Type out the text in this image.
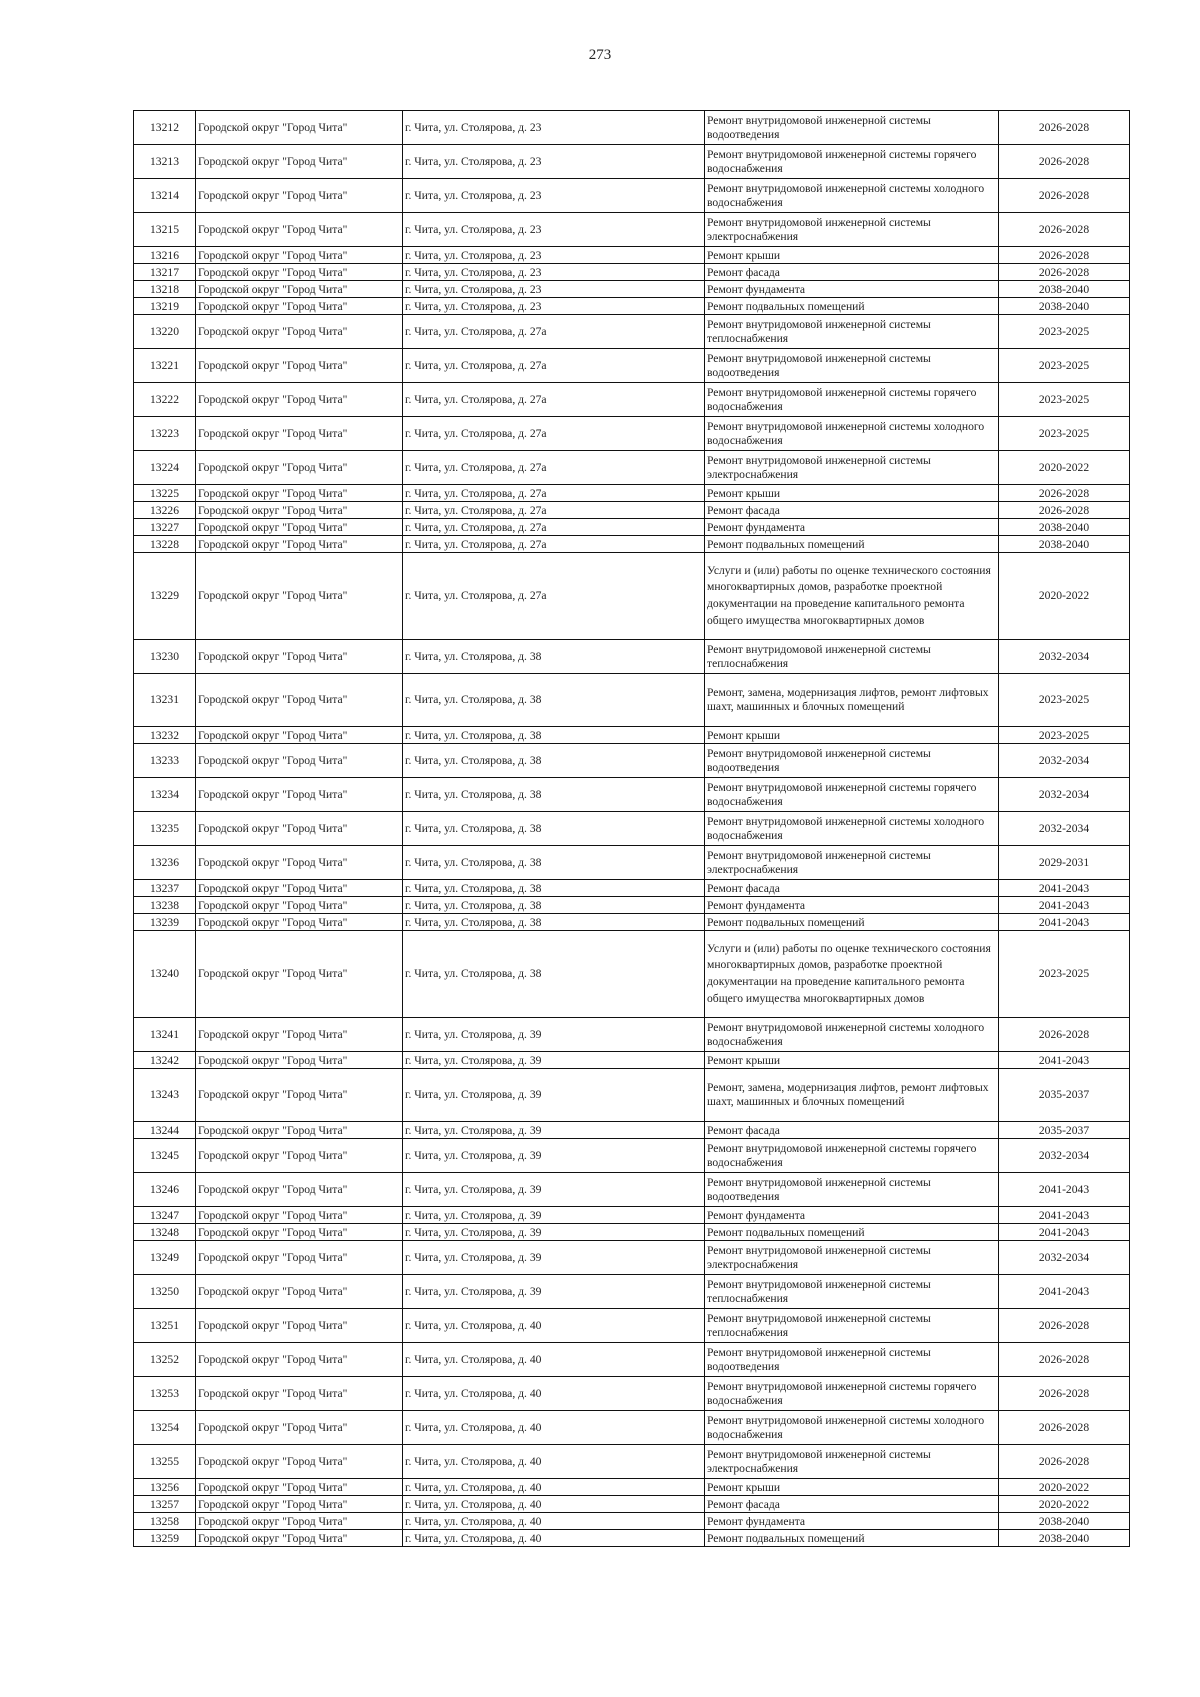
273
13212	Городской округ "Город Чита"	г. Чита, ул. Столярова, д. 23	Ремонт внутридомовой инженерной системы водоотведения	2026-2028
13213	Городской округ "Город Чита"	г. Чита, ул. Столярова, д. 23	Ремонт внутридомовой инженерной системы горячего водоснабжения	2026-2028
13214	Городской округ "Город Чита"	г. Чита, ул. Столярова, д. 23	Ремонт внутридомовой инженерной системы холодного водоснабжения	2026-2028
13215	Городской округ "Город Чита"	г. Чита, ул. Столярова, д. 23	Ремонт внутридомовой инженерной системы электроснабжения	2026-2028
13216	Городской округ "Город Чита"	г. Чита, ул. Столярова, д. 23	Ремонт крыши	2026-2028
13217	Городской округ "Город Чита"	г. Чита, ул. Столярова, д. 23	Ремонт фасада	2026-2028
13218	Городской округ "Город Чита"	г. Чита, ул. Столярова, д. 23	Ремонт фундамента	2038-2040
13219	Городской округ "Город Чита"	г. Чита, ул. Столярова, д. 23	Ремонт подвальных помещений	2038-2040
13220	Городской округ "Город Чита"	г. Чита, ул. Столярова, д. 27а	Ремонт внутридомовой инженерной системы теплоснабжения	2023-2025
13221	Городской округ "Город Чита"	г. Чита, ул. Столярова, д. 27а	Ремонт внутридомовой инженерной системы водоотведения	2023-2025
13222	Городской округ "Город Чита"	г. Чита, ул. Столярова, д. 27а	Ремонт внутридомовой инженерной системы горячего водоснабжения	2023-2025
13223	Городской округ "Город Чита"	г. Чита, ул. Столярова, д. 27а	Ремонт внутридомовой инженерной системы холодного водоснабжения	2023-2025
13224	Городской округ "Город Чита"	г. Чита, ул. Столярова, д. 27а	Ремонт внутридомовой инженерной системы электроснабжения	2020-2022
13225	Городской округ "Город Чита"	г. Чита, ул. Столярова, д. 27а	Ремонт крыши	2026-2028
13226	Городской округ "Город Чита"	г. Чита, ул. Столярова, д. 27а	Ремонт фасада	2026-2028
13227	Городской округ "Город Чита"	г. Чита, ул. Столярова, д. 27а	Ремонт фундамента	2038-2040
13228	Городской округ "Город Чита"	г. Чита, ул. Столярова, д. 27а	Ремонт подвальных помещений	2038-2040
13229	Городской округ "Город Чита"	г. Чита, ул. Столярова, д. 27а	Услуги и (или) работы по оценке технического состояния многоквартирных домов, разработке проектной документации на проведение капитального ремонта общего имущества многоквартирных домов	2020-2022
13230	Городской округ "Город Чита"	г. Чита, ул. Столярова, д. 38	Ремонт внутридомовой инженерной системы теплоснабжения	2032-2034
13231	Городской округ "Город Чита"	г. Чита, ул. Столярова, д. 38	Ремонт, замена, модернизация лифтов, ремонт лифтовых шахт, машинных и блочных помещений	2023-2025
13232	Городской округ "Город Чита"	г. Чита, ул. Столярова, д. 38	Ремонт крыши	2023-2025
13233	Городской округ "Город Чита"	г. Чита, ул. Столярова, д. 38	Ремонт внутридомовой инженерной системы водоотведения	2032-2034
13234	Городской округ "Город Чита"	г. Чита, ул. Столярова, д. 38	Ремонт внутридомовой инженерной системы горячего водоснабжения	2032-2034
13235	Городской округ "Город Чита"	г. Чита, ул. Столярова, д. 38	Ремонт внутридомовой инженерной системы холодного водоснабжения	2032-2034
13236	Городской округ "Город Чита"	г. Чита, ул. Столярова, д. 38	Ремонт внутридомовой инженерной системы электроснабжения	2029-2031
13237	Городской округ "Город Чита"	г. Чита, ул. Столярова, д. 38	Ремонт фасада	2041-2043
13238	Городской округ "Город Чита"	г. Чита, ул. Столярова, д. 38	Ремонт фундамента	2041-2043
13239	Городской округ "Город Чита"	г. Чита, ул. Столярова, д. 38	Ремонт подвальных помещений	2041-2043
13240	Городской округ "Город Чита"	г. Чита, ул. Столярова, д. 38	Услуги и (или) работы по оценке технического состояния многоквартирных домов, разработке проектной документации на проведение капитального ремонта общего имущества многоквартирных домов	2023-2025
13241	Городской округ "Город Чита"	г. Чита, ул. Столярова, д. 39	Ремонт внутридомовой инженерной системы холодного водоснабжения	2026-2028
13242	Городской округ "Город Чита"	г. Чита, ул. Столярова, д. 39	Ремонт крыши	2041-2043
13243	Городской округ "Город Чита"	г. Чита, ул. Столярова, д. 39	Ремонт, замена, модернизация лифтов, ремонт лифтовых шахт, машинных и блочных помещений	2035-2037
13244	Городской округ "Город Чита"	г. Чита, ул. Столярова, д. 39	Ремонт фасада	2035-2037
13245	Городской округ "Город Чита"	г. Чита, ул. Столярова, д. 39	Ремонт внутридомовой инженерной системы горячего водоснабжения	2032-2034
13246	Городской округ "Город Чита"	г. Чита, ул. Столярова, д. 39	Ремонт внутридомовой инженерной системы водоотведения	2041-2043
13247	Городской округ "Город Чита"	г. Чита, ул. Столярова, д. 39	Ремонт фундамента	2041-2043
13248	Городской округ "Город Чита"	г. Чита, ул. Столярова, д. 39	Ремонт подвальных помещений	2041-2043
13249	Городской округ "Город Чита"	г. Чита, ул. Столярова, д. 39	Ремонт внутридомовой инженерной системы электроснабжения	2032-2034
13250	Городской округ "Город Чита"	г. Чита, ул. Столярова, д. 39	Ремонт внутридомовой инженерной системы теплоснабжения	2041-2043
13251	Городской округ "Город Чита"	г. Чита, ул. Столярова, д. 40	Ремонт внутридомовой инженерной системы теплоснабжения	2026-2028
13252	Городской округ "Город Чита"	г. Чита, ул. Столярова, д. 40	Ремонт внутридомовой инженерной системы водоотведения	2026-2028
13253	Городской округ "Город Чита"	г. Чита, ул. Столярова, д. 40	Ремонт внутридомовой инженерной системы горячего водоснабжения	2026-2028
13254	Городской округ "Город Чита"	г. Чита, ул. Столярова, д. 40	Ремонт внутридомовой инженерной системы холодного водоснабжения	2026-2028
13255	Городской округ "Город Чита"	г. Чита, ул. Столярова, д. 40	Ремонт внутридомовой инженерной системы электроснабжения	2026-2028
13256	Городской округ "Город Чита"	г. Чита, ул. Столярова, д. 40	Ремонт крыши	2020-2022
13257	Городской округ "Город Чита"	г. Чита, ул. Столярова, д. 40	Ремонт фасада	2020-2022
13258	Городской округ "Город Чита"	г. Чита, ул. Столярова, д. 40	Ремонт фундамента	2038-2040
13259	Городской округ "Город Чита"	г. Чита, ул. Столярова, д. 40	Ремонт подвальных помещений	2038-2040
